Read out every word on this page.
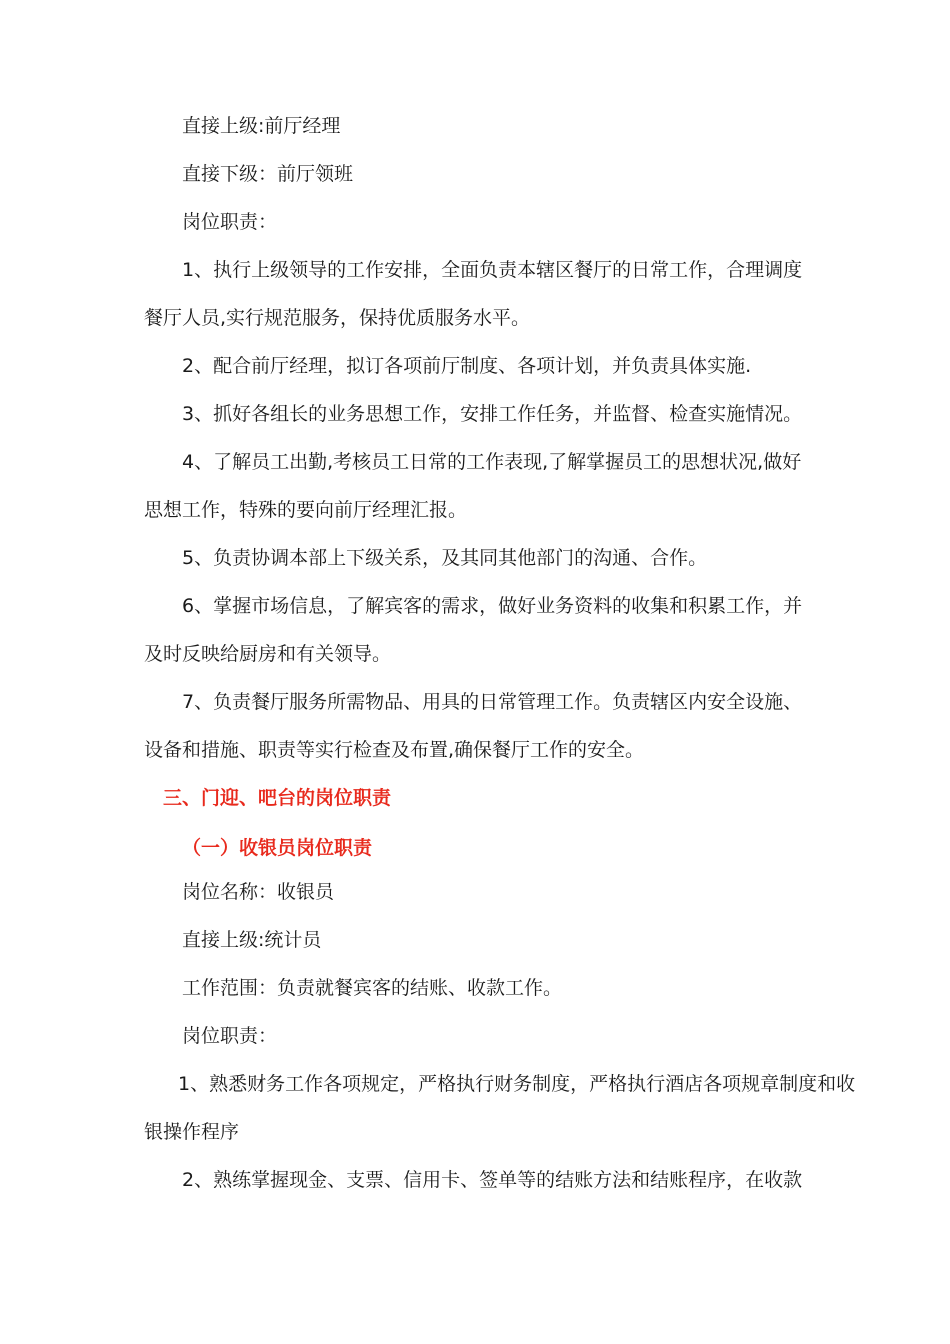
直接上级:前厅经理
直接下级：前厅领班
岗位职责：
1、执行上级领导的工作安排，全面负责本辖区餐厅的日常工作，合理调度
餐厅人员,实行规范服务，保持优质服务水平。
2、配合前厅经理，拟订各项前厅制度、各项计划，并负责具体实施.
3、抓好各组长的业务思想工作，安排工作任务，并监督、检查实施情况。
4、了解员工出勤,考核员工日常的工作表现,了解掌握员工的思想状况,做好
思想工作，特殊的要向前厅经理汇报。
5、负责协调本部上下级关系，及其同其他部门的沟通、合作。
6、掌握市场信息，了解宾客的需求，做好业务资料的收集和积累工作，并
及时反映给厨房和有关领导。
7、负责餐厅服务所需物品、用具的日常管理工作。负责辖区内安全设施、
设备和措施、职责等实行检查及布置,确保餐厅工作的安全。
三、门迎、吧台的岗位职责
（一）收银员岗位职责
岗位名称：收银员
直接上级:统计员
工作范围：负责就餐宾客的结账、收款工作。
岗位职责：
1、熟悉财务工作各项规定，严格执行财务制度，严格执行酒店各项规章制度和收
银操作程序
2、熟练掌握现金、支票、信用卡、签单等的结账方法和结账程序，在收款
